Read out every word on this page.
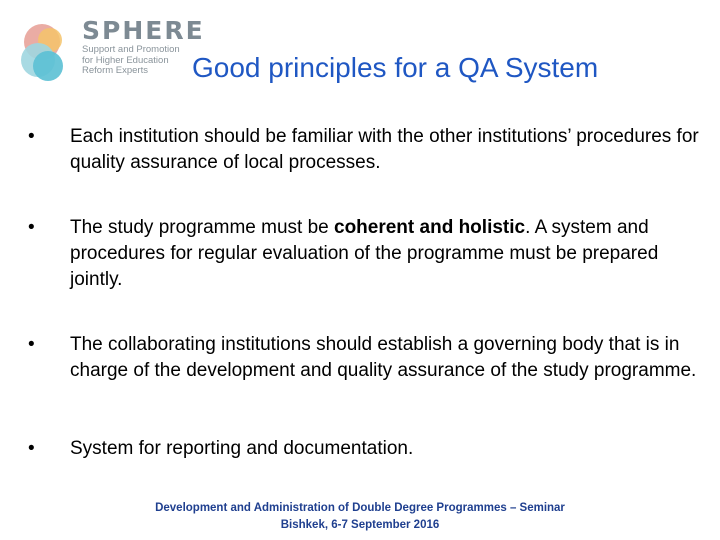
SPHERE
Support and Promotion
for Higher Education
Reform Experts	Good principles for a QA System
• Each institution should be familiar with the other institutions’ procedures for quality assurance of local processes.
• The study programme must be coherent and holistic. A system and procedures for regular evaluation of the programme must be prepared jointly.
• The collaborating institutions should establish a governing body that is in charge of the development and quality assurance of the study programme.
• System for reporting and documentation.
Development and Administration of Double Degree Programmes – Seminar
Bishkek, 6-7 September 2016
